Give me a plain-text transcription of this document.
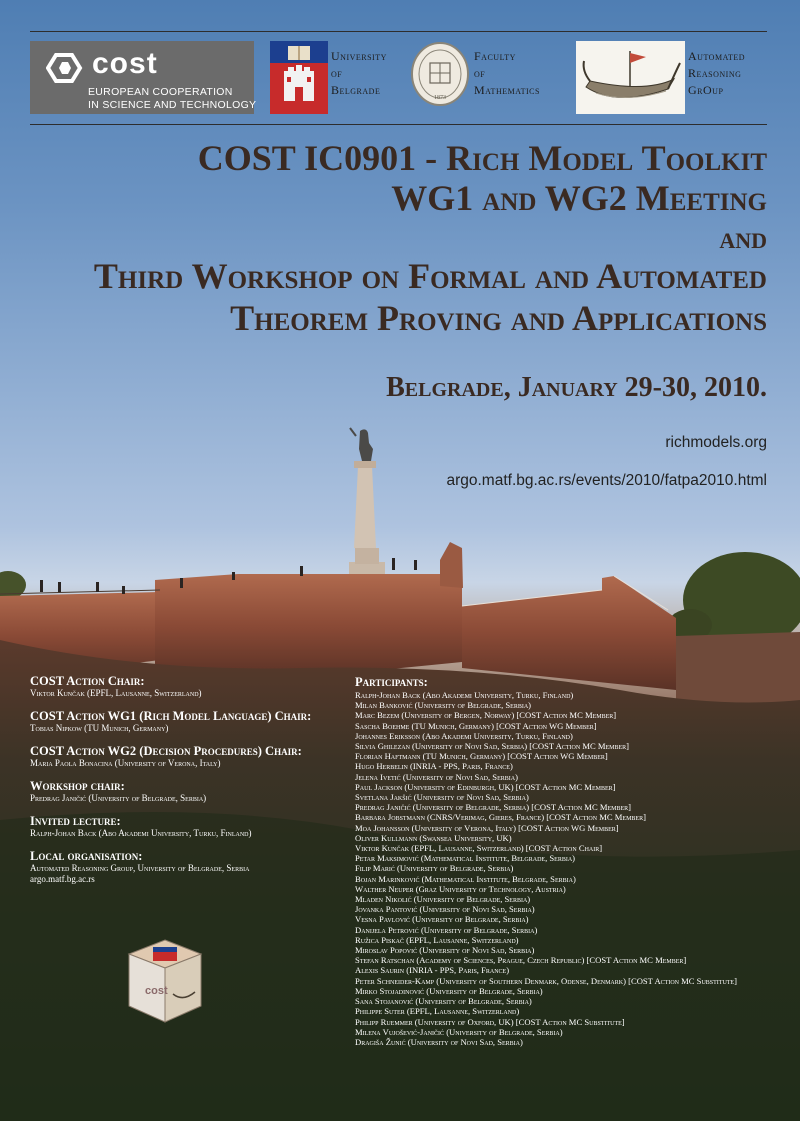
cost
EUROPEAN COOPERATION
IN SCIENCE AND TECHNOLOGY
University
of
Belgrade
1873
Faculty
of
Mathematics
Automated
Reasoning
GrOup
COST IC0901 - Rich Model Toolkit
WG1 and WG2 Meeting
and
Third Workshop on Formal and Automated
Theorem Proving and Applications
Belgrade, January 29-30, 2010.
richmodels.org
argo.matf.bg.ac.rs/events/2010/fatpa2010.html
COST Action Chair:
Viktor Kunčak (EPFL, Lausanne, Switzerland)
COST Action WG1 (Rich Model Language) Chair:
Tobias Nipkow (TU Munich, Germany)
COST Action WG2 (Decision Procedures) Chair:
Maria Paola Bonacina (University of Verona, Italy)
Workshop chair:
Predrag Janičić (University of Belgrade, Serbia)
Invited lecture:
Ralph-Johan Back (Abo Akademi University, Turku, Finland)
Local organisation:
Automated Reasoning Group, University of Belgrade, Serbia
argo.matf.bg.ac.rs
Participants:
Ralph-Johan Back (Abo Akademi University, Turku, Finland)
Milan Banković (University of Belgrade, Serbia)
Marc Bezem (University of Bergen, Norway) [COST Action MC Member]
Sascha Boehme (TU Munich, Germany) [COST Action WG Member]
Johannes Eriksson (Abo Akademi University, Turku, Finland)
Silvia Ghilezan (University of Novi Sad, Serbia) [COST Action MC Member]
Florian Haftmann (TU Munich, Germany) [COST Action WG Member]
Hugo Herbelin (INRIA - PPS, Paris, France)
Jelena Ivetić (University of Novi Sad, Serbia)
Paul Jackson (University of Edinburgh, UK) [COST Action MC Member]
Svetlana Jakšić (University of Novi Sad, Serbia)
Predrag Janičić (University of Belgrade, Serbia) [COST Action MC Member]
Barbara Jobstmann (CNRS/Verimag, Gieres, France) [COST Action MC Member]
Moa Johansson (University of Verona, Italy) [COST Action WG Member]
Oliver Kullmann (Swansea University, UK)
Viktor Kunčak (EPFL, Lausanne, Switzerland) [COST Action Chair]
Petar Maksimović (Mathematical Institute, Belgrade, Serbia)
Filip Marić (University of Belgrade, Serbia)
Bojan Marinković (Mathematical Institute, Belgrade, Serbia)
Walther Neuper (Graz University of Technology, Austria)
Mladen Nikolić (University of Belgrade, Serbia)
Jovanka Pantović (University of Novi Sad, Serbia)
Vesna Pavlović (University of Belgrade, Serbia)
Danijela Petrović (University of Belgrade, Serbia)
Ružica Piskač (EPFL, Lausanne, Switzerland)
Miroslav Popović (University of Novi Sad, Serbia)
Stefan Ratschan (Academy of Sciences, Prague, Czech Republic) [COST Action MC Member]
Alexis Saurin (INRIA - PPS, Paris, France)
Peter Schneider-Kamp (University of Southern Denmark, Odense, Denmark) [COST Action MC Substitute]
Mirko Stojadinović (University of Belgrade, Serbia)
Sana Stojanović (University of Belgrade, Serbia)
Philippe Suter (EPFL, Lausanne, Switzerland)
Philipp Ruemmer (University of Oxford, UK) [COST Action MC Substitute]
Milena Vujošević-Janičić (University of Belgrade, Serbia)
Dragiša Žunić (University of Novi Sad, Serbia)
cost
